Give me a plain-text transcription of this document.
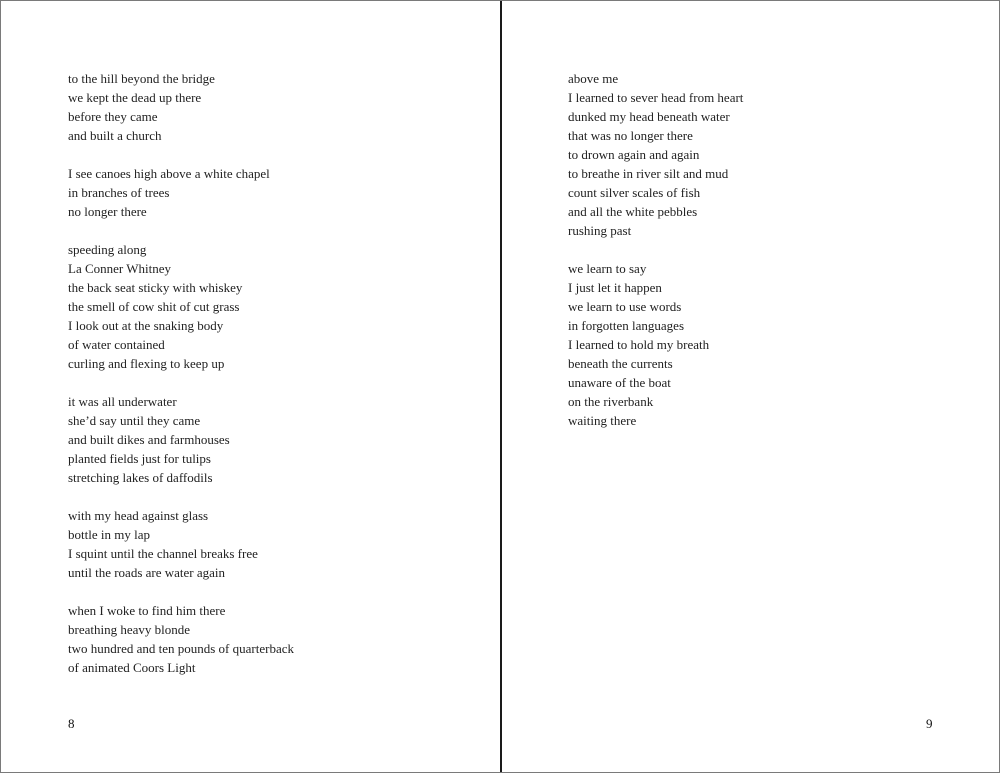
to the hill beyond the bridge
we kept the dead up there
before they came
and built a church
I see canoes high above a white chapel
in branches of trees
no longer there
speeding along
La Conner Whitney
the back seat sticky with whiskey
the smell of cow shit of cut grass
I look out at the snaking body
of water contained
curling and flexing to keep up
it was all underwater
she’d say until they came
and built dikes and farmhouses
planted fields just for tulips
stretching lakes of daffodils
with my head against glass
bottle in my lap
I squint until the channel breaks free
until the roads are water again
when I woke to find him there
breathing heavy blonde
two hundred and ten pounds of quarterback
of animated Coors Light
8
above me
I learned to sever head from heart
dunked my head beneath water
that was no longer there
to drown again and again
to breathe in river silt and mud
count silver scales of fish
and all the white pebbles
rushing past
we learn to say
I just let it happen
we learn to use words
in forgotten languages
I learned to hold my breath
beneath the currents
unaware of the boat
on the riverbank
waiting there
9
